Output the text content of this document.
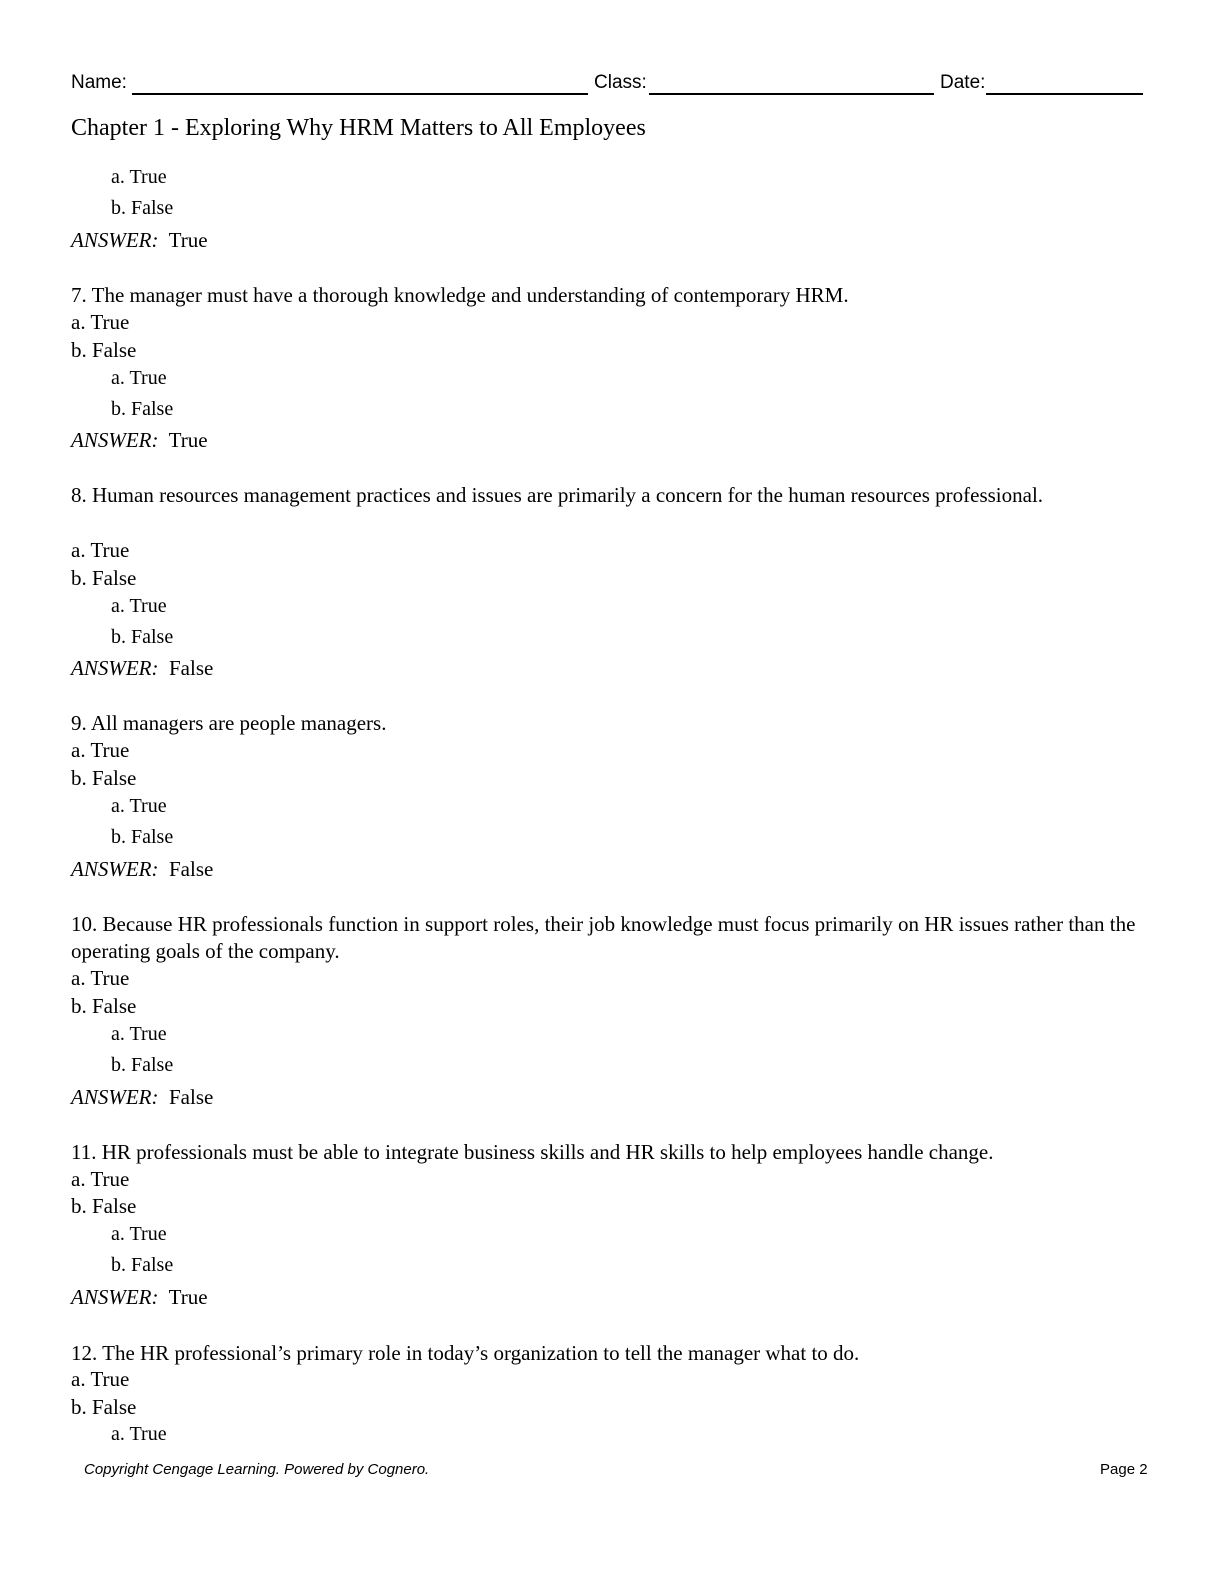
Name:	Class:	Date:
Chapter 1 - Exploring Why HRM Matters to All Employees
a. True
b. False
ANSWER: True
7. The manager must have a thorough knowledge and understanding of contemporary HRM.
a. True
b. False
a. True
b. False
ANSWER: True
8. Human resources management practices and issues are primarily a concern for the human resources professional.
a. True
b. False
a. True
b. False
ANSWER: False
9. All managers are people managers.
a. True
b. False
a. True
b. False
ANSWER: False
10. Because HR professionals function in support roles, their job knowledge must focus primarily on HR issues rather than the operating goals of the company.
a. True
b. False
a. True
b. False
ANSWER: False
11. HR professionals must be able to integrate business skills and HR skills to help employees handle change.
a. True
b. False
a. True
b. False
ANSWER: True
12. The HR professional’s primary role in today’s organization to tell the manager what to do.
a. True
b. False
a. True
Copyright Cengage Learning. Powered by Cognero.	Page 2
